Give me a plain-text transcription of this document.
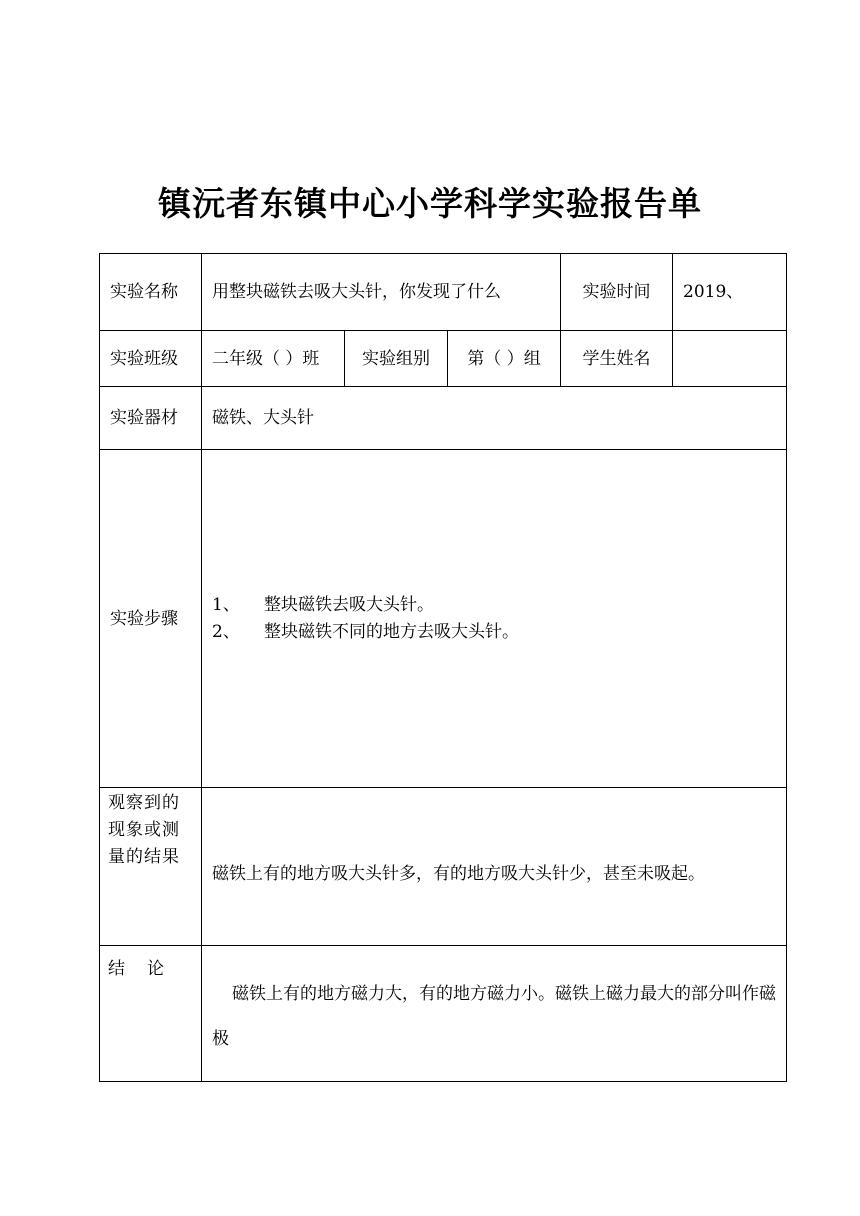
镇沅者东镇中心小学科学实验报告单
实验名称	用整块磁铁去吸大头针，你发现了什么			实验时间	2019、
实验班级	二年级（ ）班	实验组别	第（ ）组	学生姓名	
实验器材	磁铁、大头针				
实验步骤	1、 整块磁铁去吸大头针。
2、 整块磁铁不同的地方去吸大头针。				

观察到的现象或测量的结果	磁铁上有的地方吸大头针多，有的地方吸大头针少，甚至未吸起。				

结论	磁铁上有的地方磁力大，有的地方磁力小。磁铁上磁力最大的部分叫作磁极				
